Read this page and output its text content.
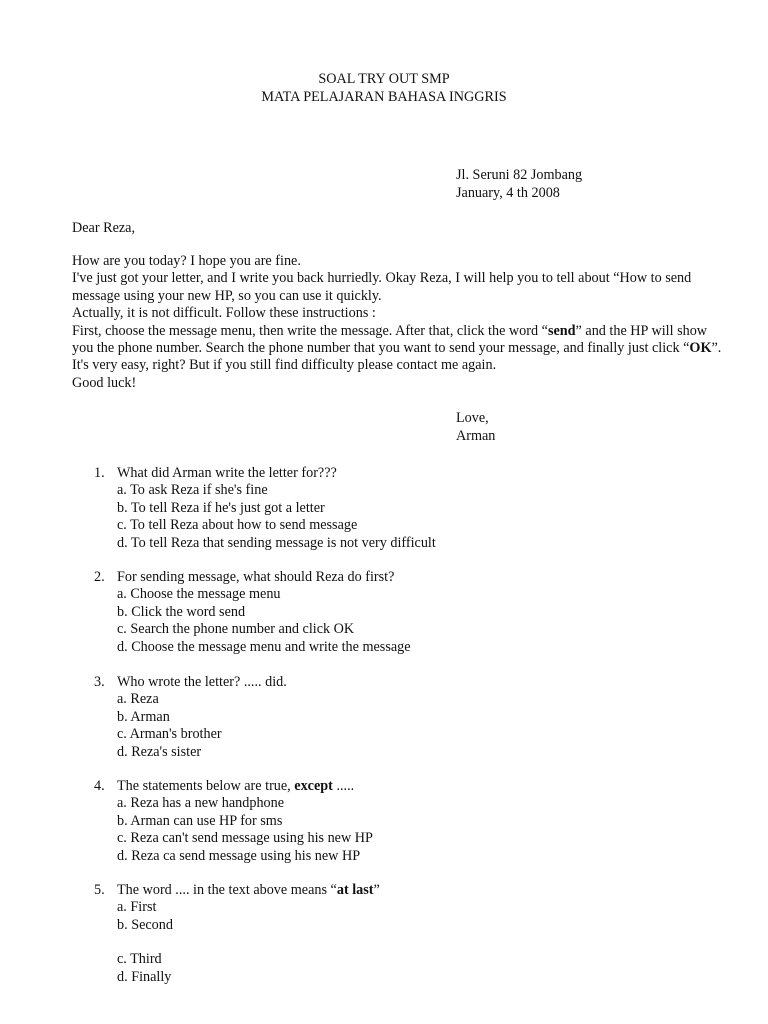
SOAL TRY OUT SMP
MATA PELAJARAN BAHASA INGGRIS
Jl. Seruni 82 Jombang
January, 4 th 2008
Dear Reza,

How are you today? I hope you are fine.

I've just got your letter, and I write you back hurriedly. Okay Reza, I will help you to tell about “How to send message using your new HP, so you can use it quickly.

Actually, it is not difficult. Follow these instructions :

First, choose the message menu, then write the message. After that, click the word “send” and the HP will show you the phone number. Search the phone number that you want to send your message, and finally just click “OK”.

It's very easy, right? But if you still find difficulty please contact me again.

Good luck!

Love,
Arman
1. What did Arman write the letter for???
a. To ask Reza if she's fine
b. To tell Reza if he's just got a letter
c. To tell Reza about how to send message
d. To tell Reza that sending message is not very difficult
2. For sending message, what should Reza do first?
a. Choose the message menu
b. Click the word send
c. Search the phone number and click OK
d. Choose the message menu and write the message
3. Who wrote the letter? ..... did.
a. Reza
b. Arman
c. Arman's brother
d. Reza's sister
4. The statements below are true, except .....
a. Reza has a new handphone
b. Arman can use HP for sms
c. Reza can't send message using his new HP
d. Reza ca send message using his new HP
5. The word .... in the text above means “at last”
a. First
b. Second
c. Third
d. Finally
